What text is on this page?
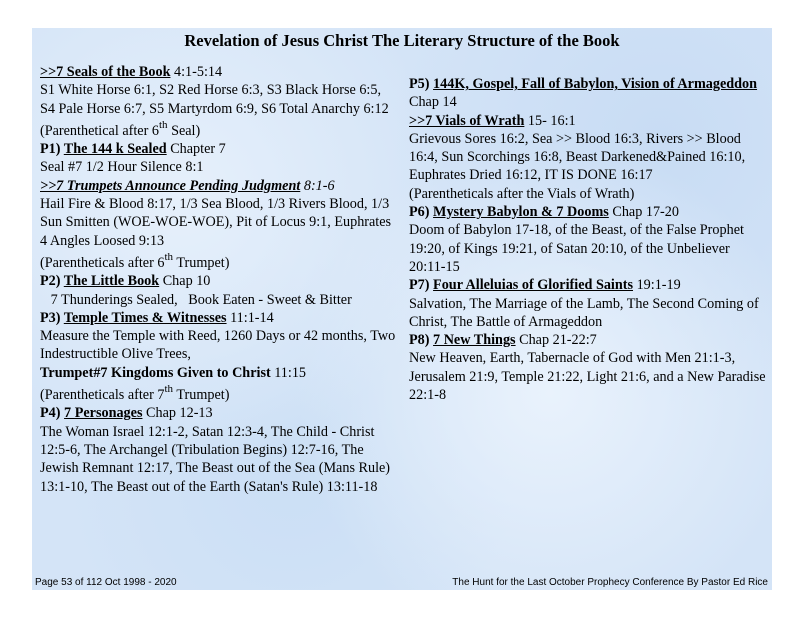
Revelation of Jesus Christ The Literary Structure of the Book

>>7 Seals of the Book 4:1-5:14

S1 White Horse 6:1, S2 Red Horse 6:3, S3 Black Horse 6:5, S4 Pale Horse 6:7, S5 Martyrdom 6:9, S6 Total Anarchy 6:12

(Parenthetical after 6th Seal)

P1) The 144 k Sealed Chapter 7

Seal #7 1/2 Hour Silence 8:1

>>7 Trumpets Announce Pending Judgment 8:1-6

Hail Fire & Blood 8:17, 1/3 Sea Blood, 1/3 Rivers Blood, 1/3 Sun Smitten (WOE-WOE-WOE), Pit of Locus 9:1, Euphrates 4 Angles Loosed 9:13

(Parentheticals after 6th Trumpet)

P2) The Little Book Chap 10

7 Thunderings Sealed,   Book Eaten - Sweet & Bitter

P3) Temple Times & Witnesses 11:1-14

Measure the Temple with Reed, 1260 Days or 42 months, Two Indestructible Olive Trees,

Trumpet#7 Kingdoms Given to Christ 11:15

(Parentheticals after 7th Trumpet)

P4) 7 Personages Chap 12-13

The Woman Israel 12:1-2, Satan 12:3-4, The Child - Christ 12:5-6, The Archangel (Tribulation Begins) 12:7-16, The Jewish Remnant 12:17, The Beast out of the Sea (Mans Rule) 13:1-10, The Beast out of the Earth (Satan's Rule) 13:11-18

P5) 144K, Gospel, Fall of Babylon, Vision of Armageddon Chap 14

>>7 Vials of Wrath 15- 16:1

Grievous Sores 16:2, Sea >> Blood 16:3, Rivers >> Blood 16:4, Sun Scorchings 16:8, Beast Darkened&Pained 16:10, Euphrates Dried 16:12, IT IS DONE 16:17

(Parentheticals after the Vials of Wrath)

P6) Mystery Babylon & 7 Dooms Chap 17-20

Doom of Babylon 17-18, of the Beast, of the False Prophet 19:20, of Kings 19:21, of Satan 20:10, of the Unbeliever 20:11-15

P7) Four Alleluias of Glorified Saints 19:1-19

Salvation, The Marriage of the Lamb, The Second Coming of Christ, The Battle of Armageddon

P8) 7 New Things Chap 21-22:7

New Heaven, Earth, Tabernacle of God with Men 21:1-3, Jerusalem 21:9, Temple 21:22, Light 21:6, and a New Paradise 22:1-8

Page 53 of 112 Oct 1998 - 2020	The Hunt for the Last October Prophecy Conference By Pastor Ed Rice
